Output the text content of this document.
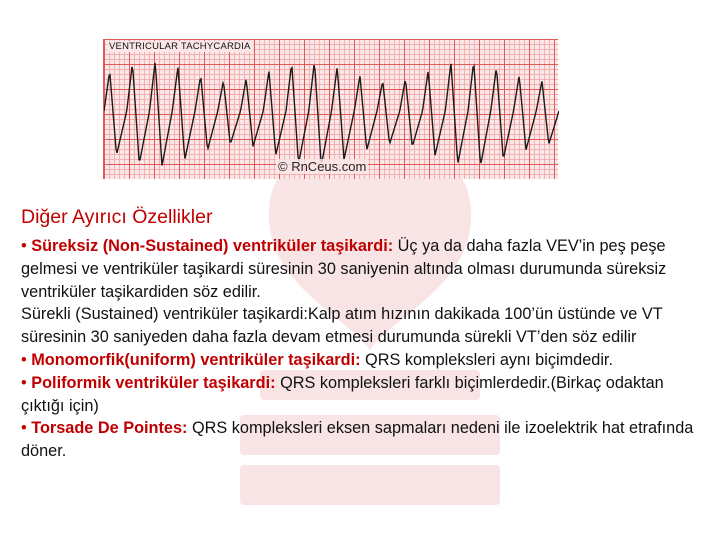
VENTRICULAR TACHYCARDIA
© RnCeus.com
Diğer Ayırıcı Özellikler

• Süreksiz (Non-Sustained) ventriküler taşikardi: Üç ya da daha fazla VEV’in peş peşe gelmesi ve ventriküler taşikardi süresinin 30 saniyenin altında olması durumunda süreksiz ventriküler taşikardiden söz edilir.

Sürekli (Sustained) ventriküler taşikardi:Kalp atım hızının dakikada 100’ün üstünde ve VT süresinin 30 saniyeden daha fazla devam etmesi durumunda sürekli VT’den söz edilir

• Monomorfik(uniform) ventriküler taşikardi: QRS kompleksleri aynı biçimdedir.

• Poliformik ventriküler taşikardi: QRS kompleksleri farklı biçimlerdedir.(Birkaç odaktan çıktığı için)

• Torsade De Pointes: QRS kompleksleri eksen sapmaları nedeni ile izoelektrik hat etrafında döner.
